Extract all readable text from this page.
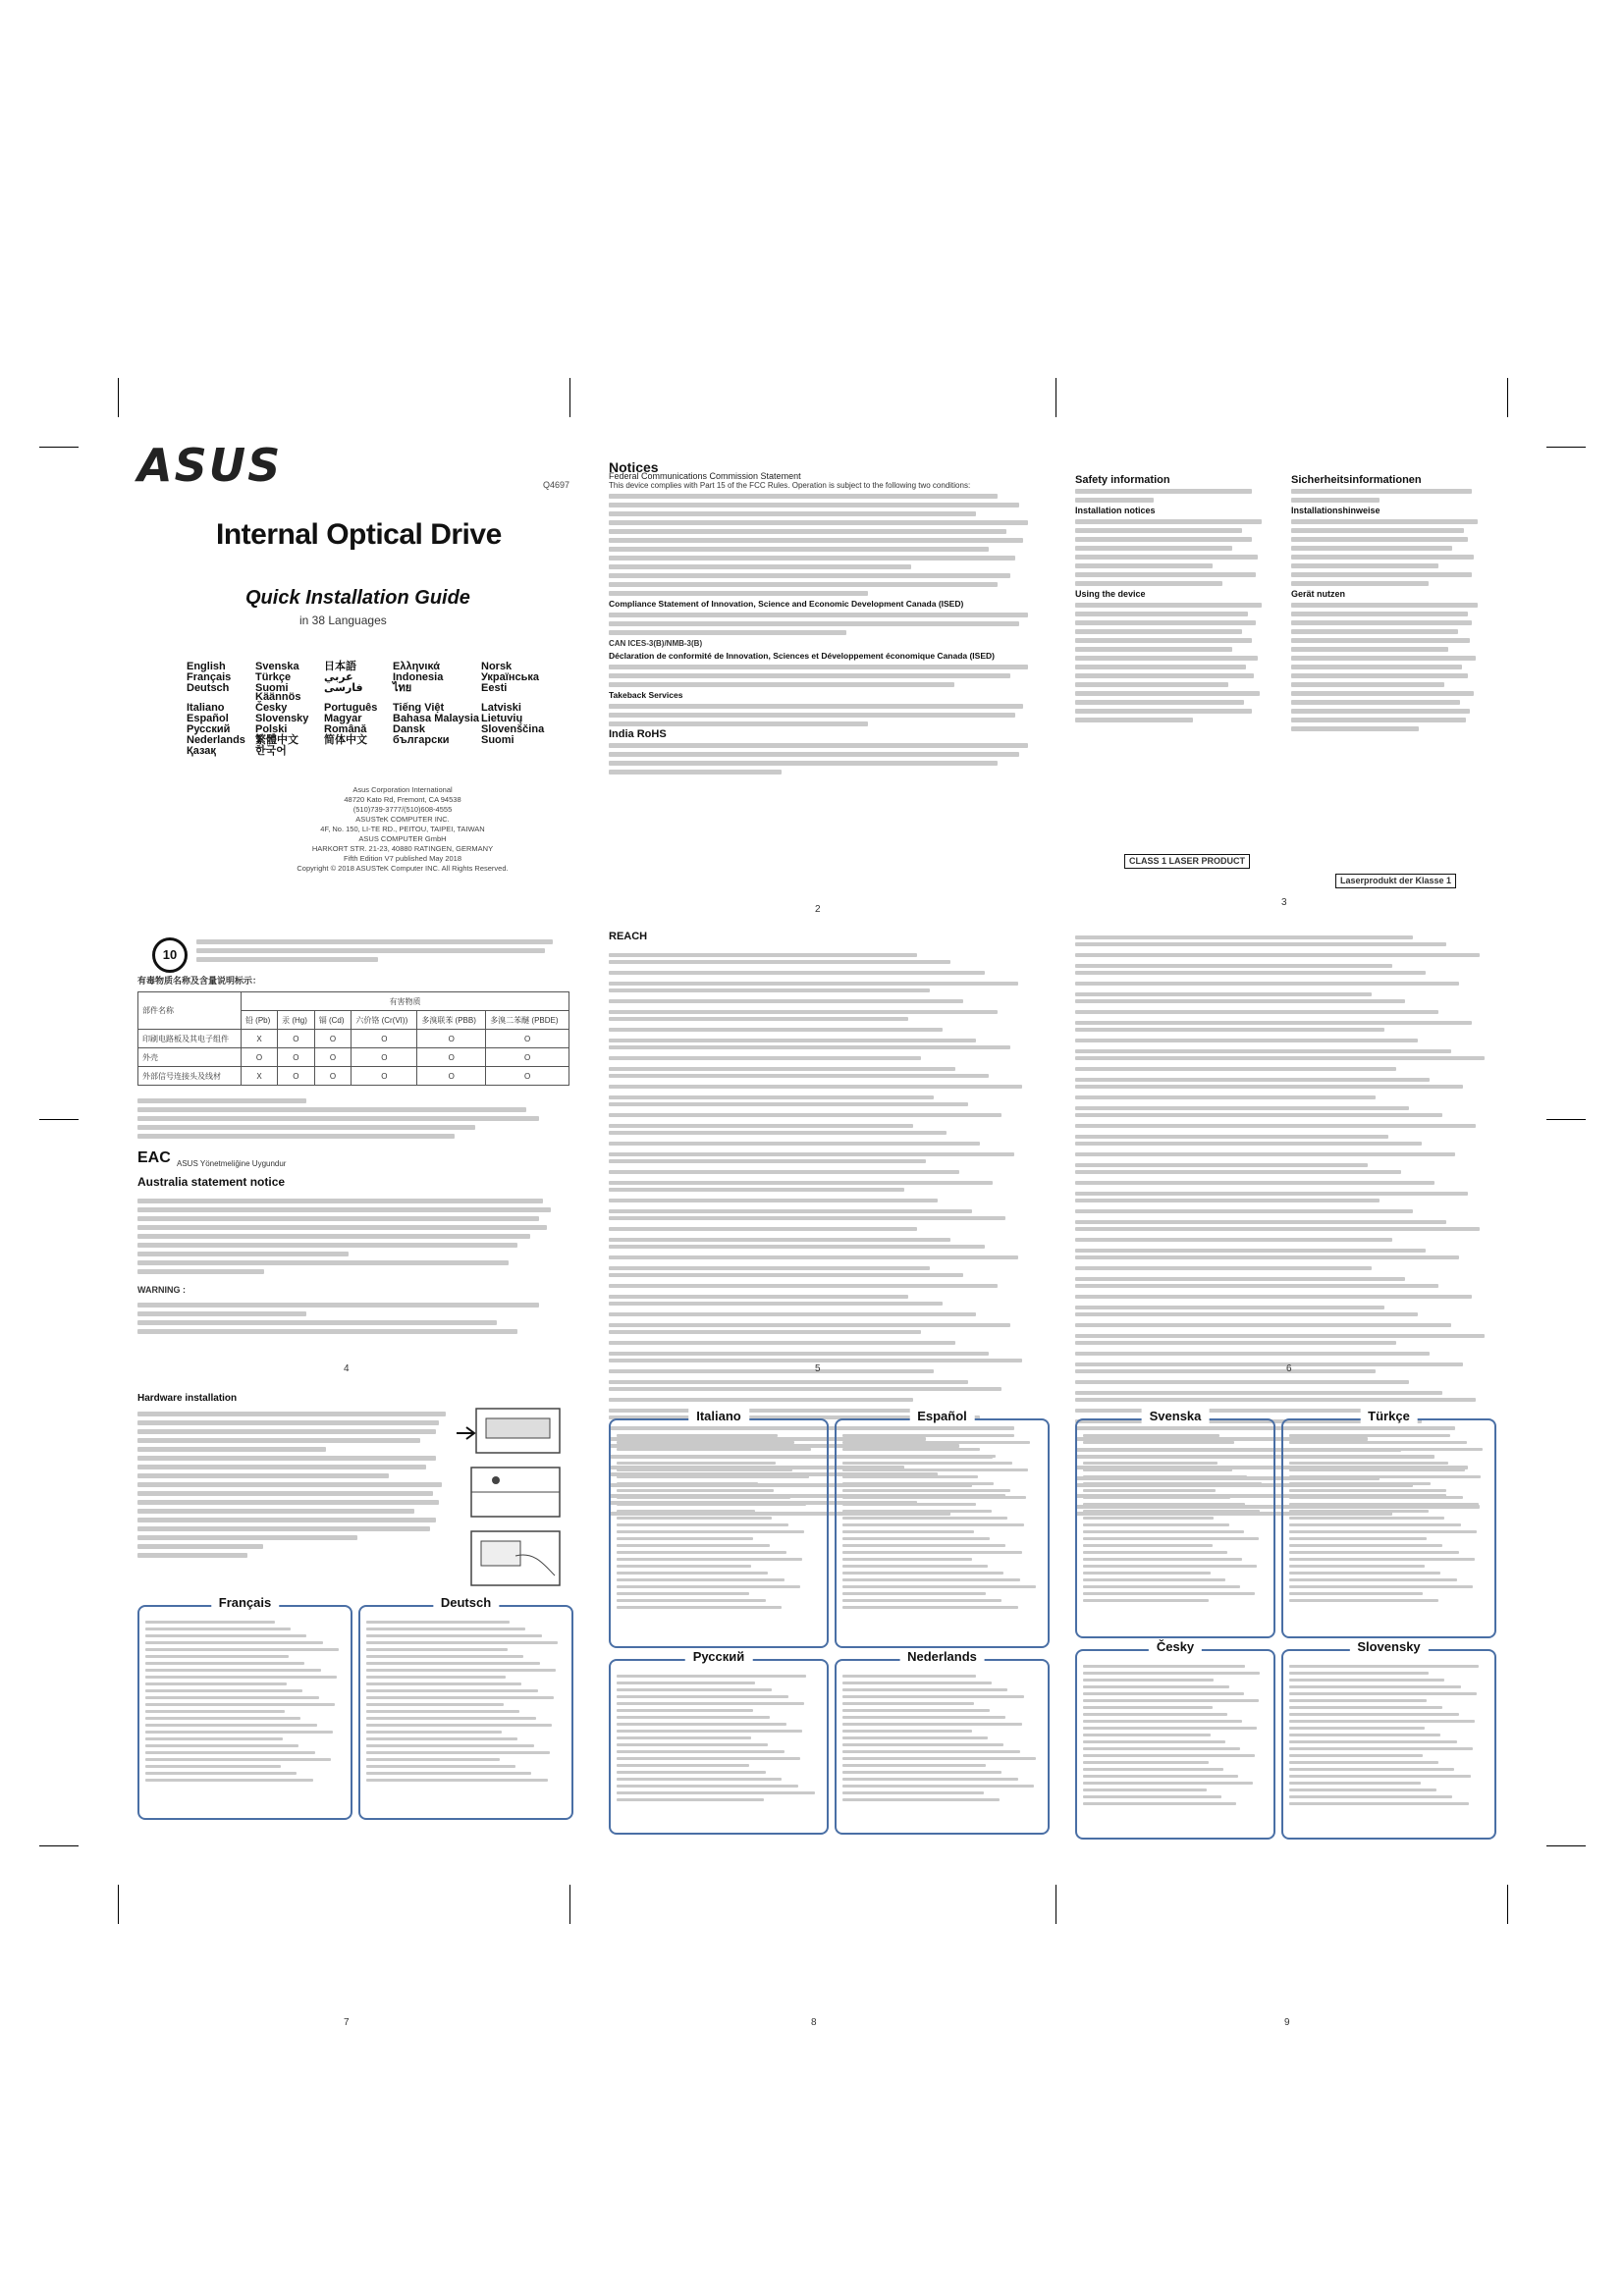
ASUS	Q4697
Internal Optical Drive
Quick Installation Guide
in 38 Languages
English	Svenska	日本語	Ελληνικά	Norsk
Français	Türkçe	عربي	Indonesia	Українська
Deutsch	Suomi Käännös
فارسی	ไทย	Eesti
Italiano	Česky	Português	Tiếng Việt	Latviski
Español	Slovensky	Magyar	Bahasa Malaysia Lietuvių
Русский	Polski	Română	Dansk	Slovenščina
Nederlands 繁體中文	简体中文	български	Suomi
Қазақ	한국어
Asus Corporation International
48720 Kato Rd, Fremont, CA 94538
(510)739-3777/(510)608-4555
ASUSTeK COMPUTER INC.
4F, No. 150, LI-TE RD., PEITOU, TAIPEI, TAIWAN
ASUS COMPUTER GmbH
HARKORT STR. 21-23, 40880 RATINGEN, GERMANY
Fifth Edition V7 published May 2018
Copyright © 2018 ASUSTeK Computer INC. All Rights Reserved.
Notices
Federal Communications Commission Statement
This device complies with Part 15 of the FCC Rules. Operation is subject to the following two conditions:
Compliance Statement of Innovation, Science and Economic Development Canada (ISED)
CAN ICES-3(B)/NMB-3(B)
Déclaration de conformité de Innovation, Sciences et Développement économique Canada (ISED)
Takeback Services
India RoHS
2
Safety information
Installation notices
Using the device
CLASS 1 LASER PRODUCT
3
Sicherheitsinformationen
Installationshinweise
Gerät nutzen
Laserprodukt der Klasse 1
10
有毒物质名称及含量说明标示：
部件名称	有害物质					
	铅 (Pb)	汞 (Hg)	镉 (Cd)	六价铬 (Cr(VI))	多溴联苯 (PBB)	多溴二苯醚 (PBDE)
印刷电路板及其电子组件	X	O	O	O	O	O
外壳	O	O	O	O	O	O
外部信号连接头及线材	X	O	O	O	O	O
EAC ASUS Yönetmeliğine Uygundur
Australia statement notice
WARNING :
4
REACH
5	6
Hardware installation
7
Français	Deutsch
Italiano	Español
Русский	Nederlands
Svenska	Türkçe
Česky	Slovensky
8	9
